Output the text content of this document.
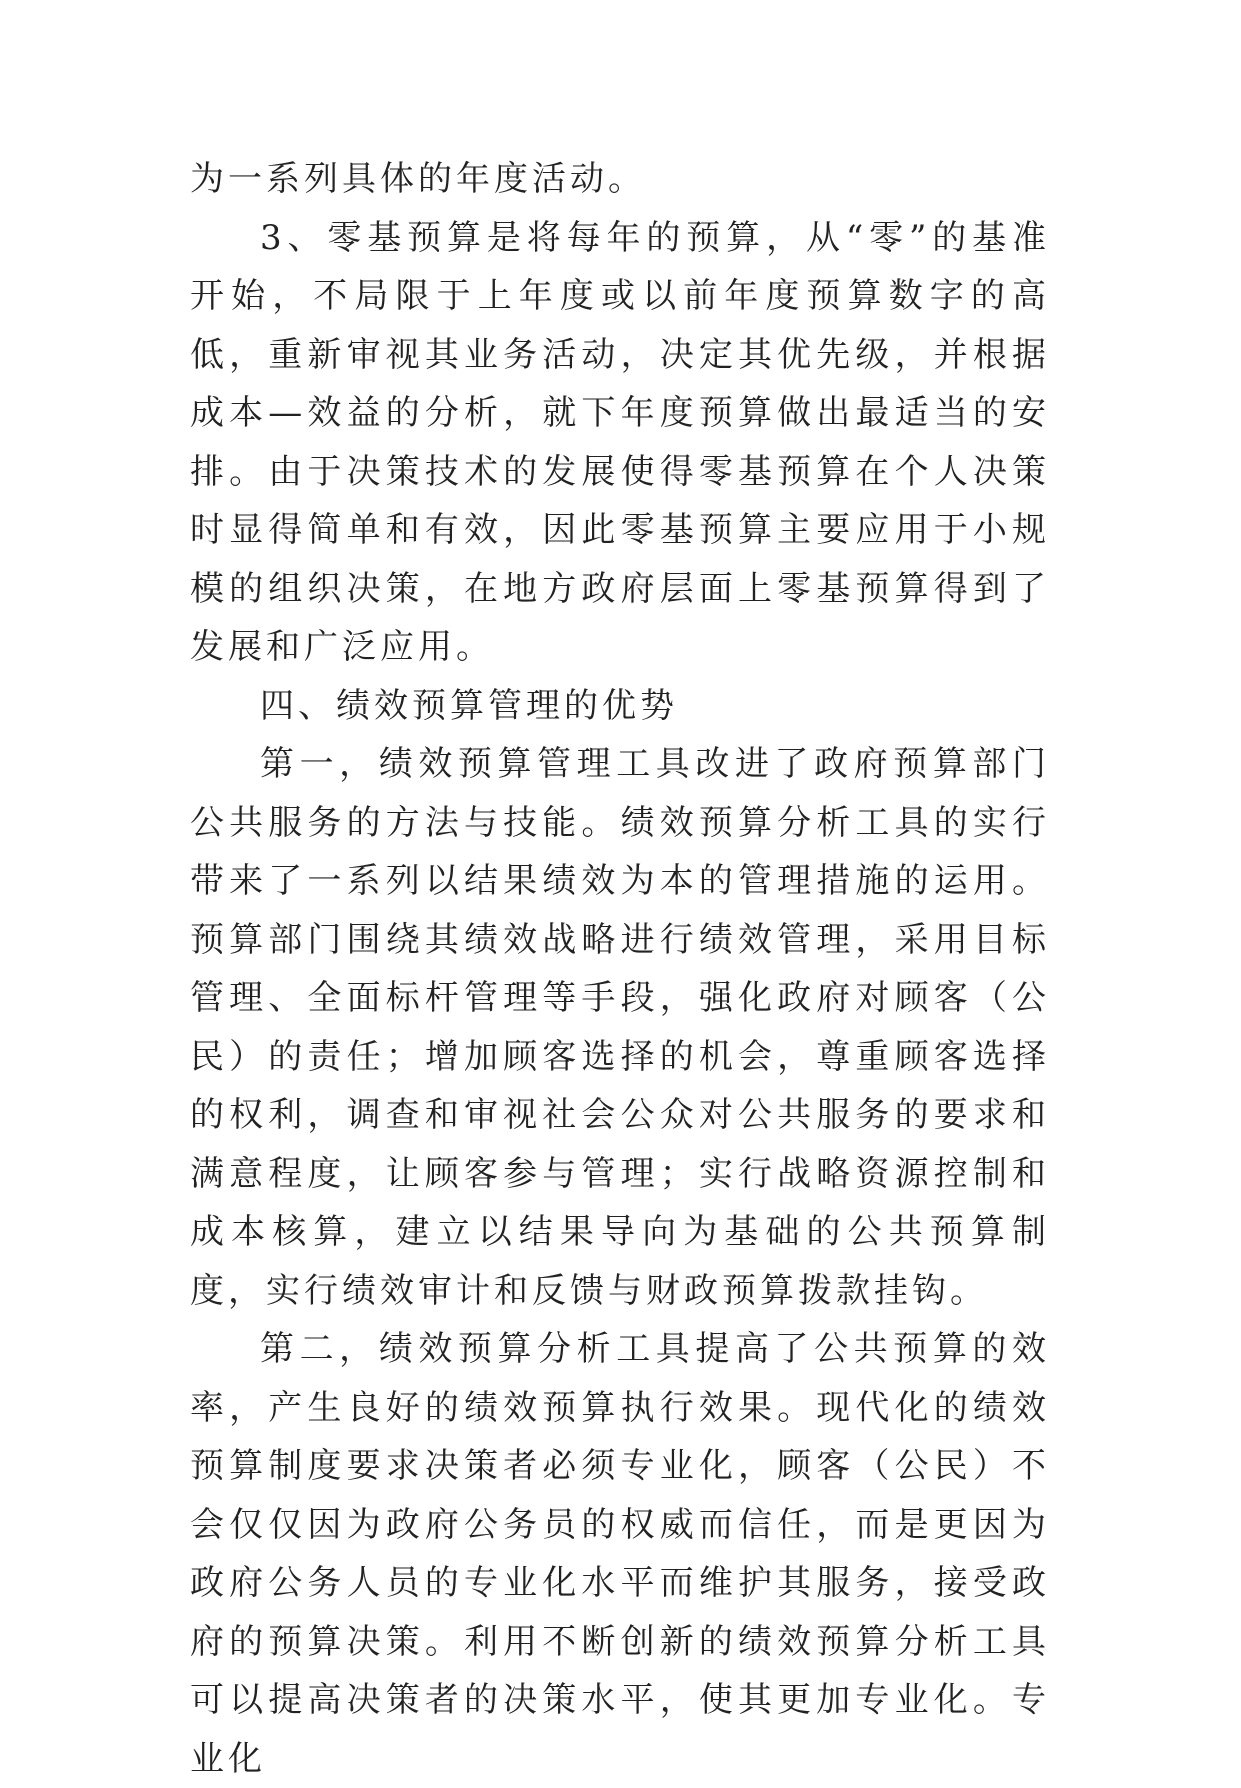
为一系列具体的年度活动。

3、零基预算是将每年的预算，从“零”的基准开始，不局限于上年度或以前年度预算数字的高低，重新审视其业务活动，决定其优先级，并根据成本—效益的分析，就下年度预算做出最适当的安排。由于决策技术的发展使得零基预算在个人决策时显得简单和有效，因此零基预算主要应用于小规模的组织决策，在地方政府层面上零基预算得到了发展和广泛应用。

四、绩效预算管理的优势

第一，绩效预算管理工具改进了政府预算部门公共服务的方法与技能。绩效预算分析工具的实行带来了一系列以结果绩效为本的管理措施的运用。预算部门围绕其绩效战略进行绩效管理，采用目标管理、全面标杆管理等手段，强化政府对顾客（公民）的责任；增加顾客选择的机会，尊重顾客选择的权利，调查和审视社会公众对公共服务的要求和满意程度，让顾客参与管理；实行战略资源控制和成本核算，建立以结果导向为基础的公共预算制度，实行绩效审计和反馈与财政预算拨款挂钩。

第二，绩效预算分析工具提高了公共预算的效率，产生良好的绩效预算执行效果。现代化的绩效预算制度要求决策者必须专业化，顾客（公民）不会仅仅因为政府公务员的权威而信任，而是更因为政府公务人员的专业化水平而维护其服务，接受政府的预算决策。利用不断创新的绩效预算分析工具可以提高决策者的决策水平，使其更加专业化。专业化
